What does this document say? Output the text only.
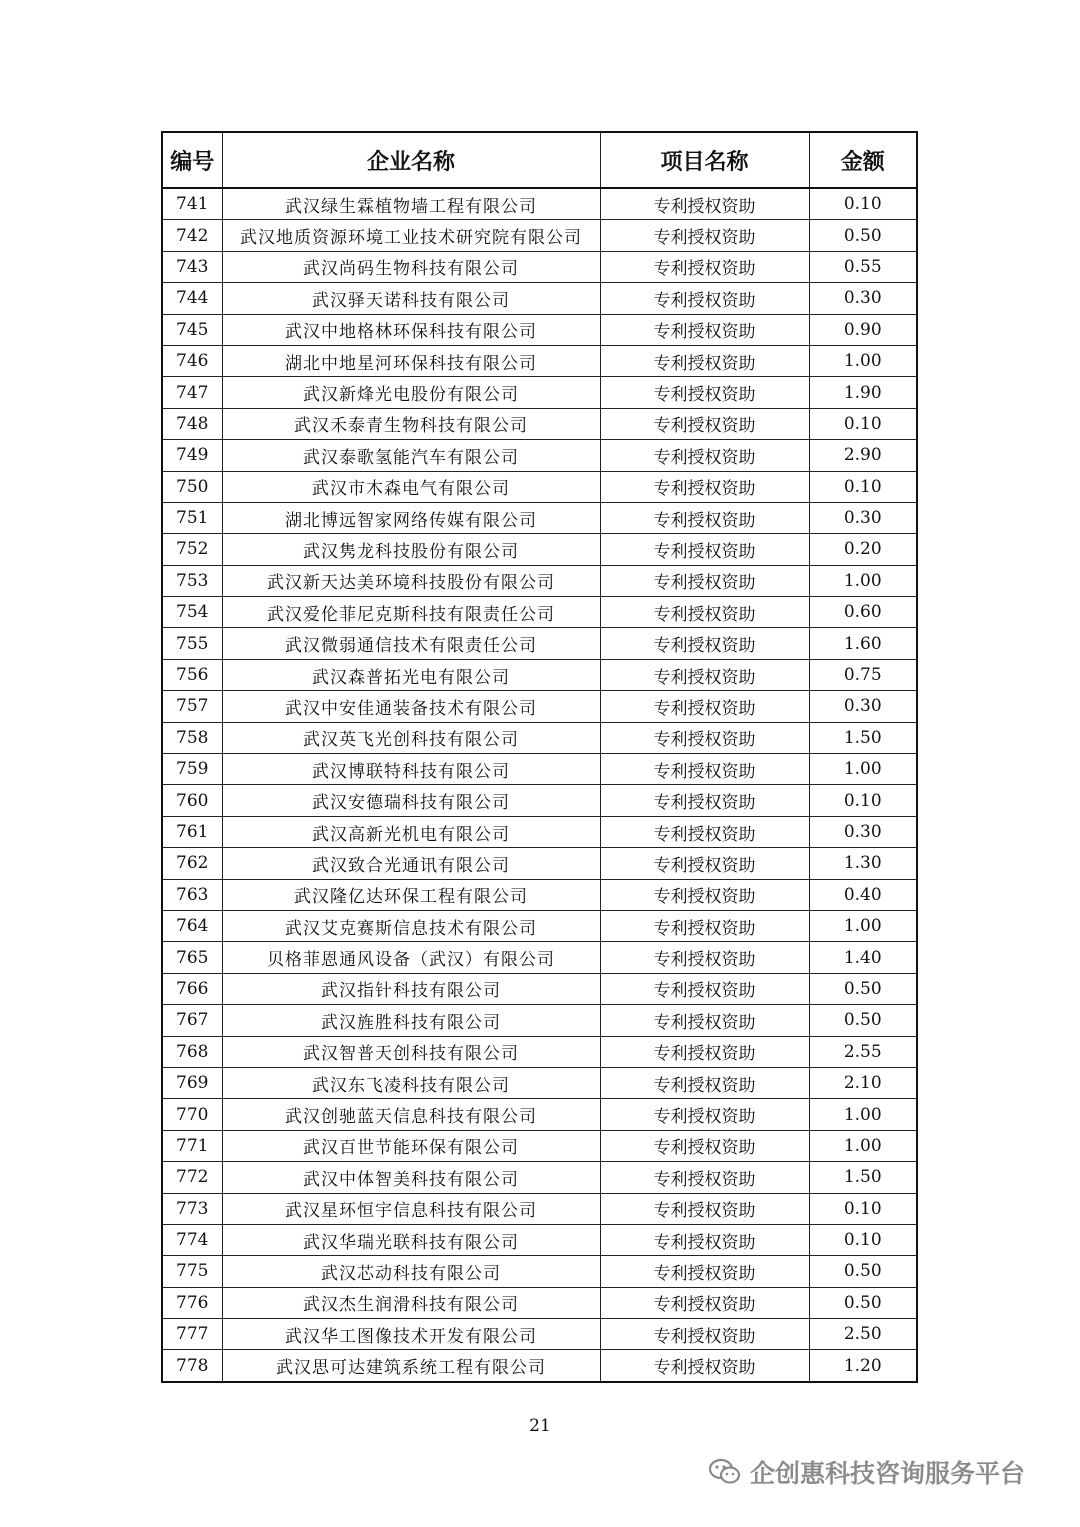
编号	企业名称	项目名称	金额
741	武汉绿生霖植物墙工程有限公司	专利授权资助	0.10
742	武汉地质资源环境工业技术研究院有限公司	专利授权资助	0.50
743	武汉尚码生物科技有限公司	专利授权资助	0.55
744	武汉驿天诺科技有限公司	专利授权资助	0.30
745	武汉中地格林环保科技有限公司	专利授权资助	0.90
746	湖北中地星河环保科技有限公司	专利授权资助	1.00
747	武汉新烽光电股份有限公司	专利授权资助	1.90
748	武汉禾泰青生物科技有限公司	专利授权资助	0.10
749	武汉泰歌氢能汽车有限公司	专利授权资助	2.90
750	武汉市木森电气有限公司	专利授权资助	0.10
751	湖北博远智家网络传媒有限公司	专利授权资助	0.30
752	武汉隽龙科技股份有限公司	专利授权资助	0.20
753	武汉新天达美环境科技股份有限公司	专利授权资助	1.00
754	武汉爱伦菲尼克斯科技有限责任公司	专利授权资助	0.60
755	武汉微弱通信技术有限责任公司	专利授权资助	1.60
756	武汉森普拓光电有限公司	专利授权资助	0.75
757	武汉中安佳通装备技术有限公司	专利授权资助	0.30
758	武汉英飞光创科技有限公司	专利授权资助	1.50
759	武汉博联特科技有限公司	专利授权资助	1.00
760	武汉安德瑞科技有限公司	专利授权资助	0.10
761	武汉高新光机电有限公司	专利授权资助	0.30
762	武汉致合光通讯有限公司	专利授权资助	1.30
763	武汉隆亿达环保工程有限公司	专利授权资助	0.40
764	武汉艾克赛斯信息技术有限公司	专利授权资助	1.00
765	贝格菲恩通风设备（武汉）有限公司	专利授权资助	1.40
766	武汉指针科技有限公司	专利授权资助	0.50
767	武汉旌胜科技有限公司	专利授权资助	0.50
768	武汉智普天创科技有限公司	专利授权资助	2.55
769	武汉东飞凌科技有限公司	专利授权资助	2.10
770	武汉创驰蓝天信息科技有限公司	专利授权资助	1.00
771	武汉百世节能环保有限公司	专利授权资助	1.00
772	武汉中体智美科技有限公司	专利授权资助	1.50
773	武汉星环恒宇信息科技有限公司	专利授权资助	0.10
774	武汉华瑞光联科技有限公司	专利授权资助	0.10
775	武汉芯动科技有限公司	专利授权资助	0.50
776	武汉杰生润滑科技有限公司	专利授权资助	0.50
777	武汉华工图像技术开发有限公司	专利授权资助	2.50
778	武汉思可达建筑系统工程有限公司	专利授权资助	1.20
21
企创惠科技咨询服务平台
